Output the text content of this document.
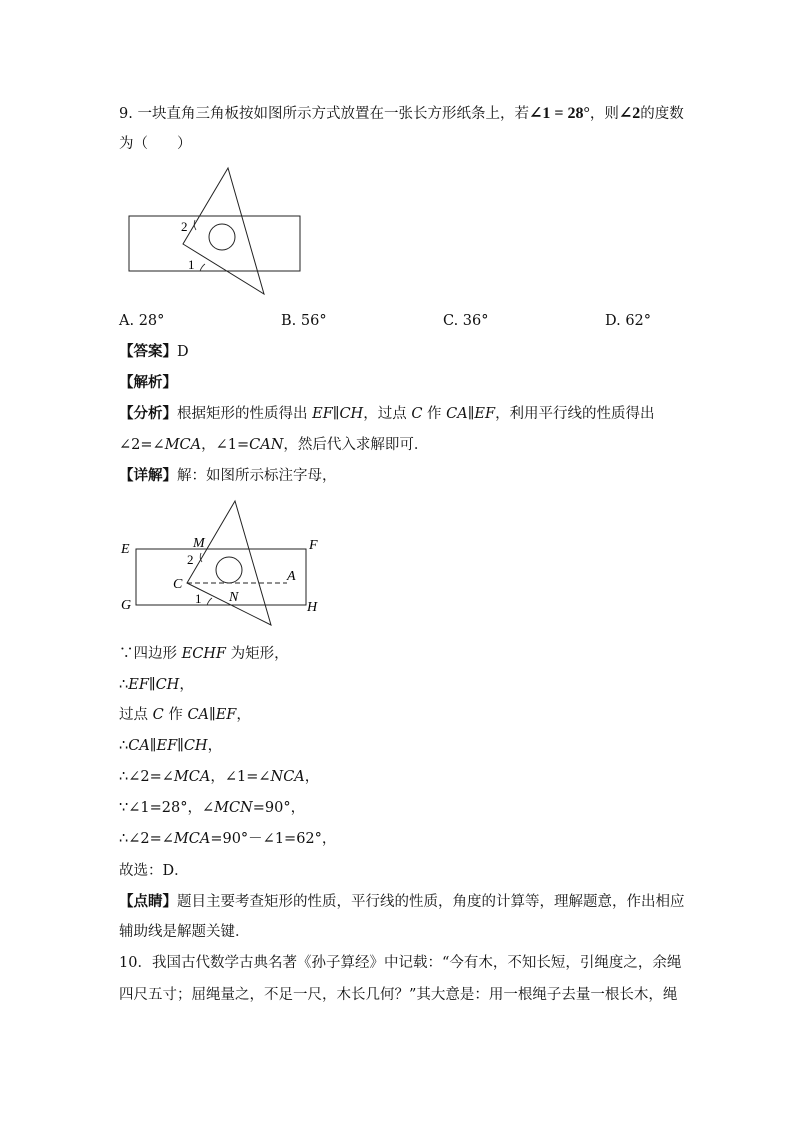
9. 一块直角三角板按如图所示方式放置在一张长方形纸条上，若∠1 = 28°，则∠2的度数
为（　　）
2
1
A. 28°	B. 56°	C. 36°	D. 62°
【答案】D
【解析】
【分析】根据矩形的性质得出 EF∥CH，过点 C 作 CA∥EF，利用平行线的性质得出
∠2=∠MCA，∠1=CAN，然后代入求解即可．
【详解】解：如图所示标注字母，
E	F
G	H
M
N
C
A
2
1
∵四边形 ECHF 为矩形，
∴EF∥CH，
过点 C 作 CA∥EF，
∴CA∥EF∥CH，
∴∠2=∠MCA，∠1=∠NCA，
∵∠1=28°，∠MCN=90°，
∴∠2=∠MCA=90°－∠1=62°，
故选：D．
【点睛】题目主要考查矩形的性质，平行线的性质，角度的计算等，理解题意，作出相应
辅助线是解题关键．
10．我国古代数学古典名著《孙子算经》中记载：“今有木，不知长短，引绳度之，余绳
四尺五寸；屈绳量之，不足一尺，木长几何？”其大意是：用一根绳子去量一根长木，绳
